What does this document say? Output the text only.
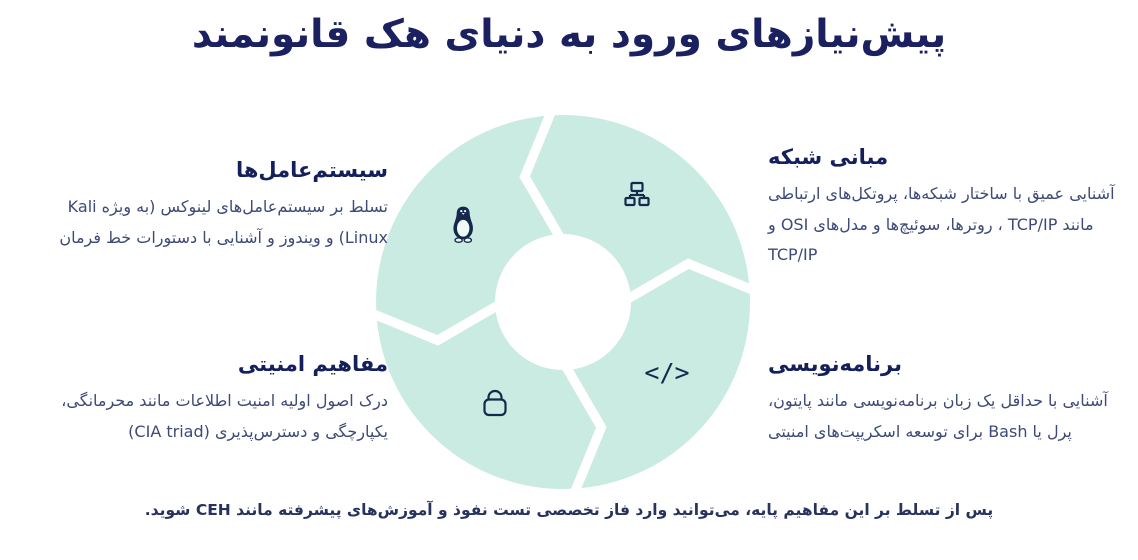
پیش‌نیازهای ورود به دنیای هک قانونمند
</>
سیستم‌عامل‌ها

تسلط بر سیستم‌عامل‌های لینوکس (به ویژه Kali Linux) و ویندوز و آشنایی با دستورات خط فرمان

مبانی شبکه

آشنایی عمیق با ساختار شبکه‌ها، پروتکل‌های ارتباطی مانند TCP/IP ، روترها، سوئیچ‌ها و مدل‌های OSI و TCP/IP

مفاهیم امنیتی

درک اصول اولیه امنیت اطلاعات مانند محرمانگی، یکپارچگی و دسترس‌پذیری (CIA triad)

برنامه‌نویسی

آشنایی با حداقل یک زبان برنامه‌نویسی مانند پایتون، پرل یا Bash برای توسعه اسکریپت‌های امنیتی

پس از تسلط بر این مفاهیم پایه، می‌توانید وارد فاز تخصصی تست نفوذ و آموزش‌های پیشرفته مانند CEH شوید.
